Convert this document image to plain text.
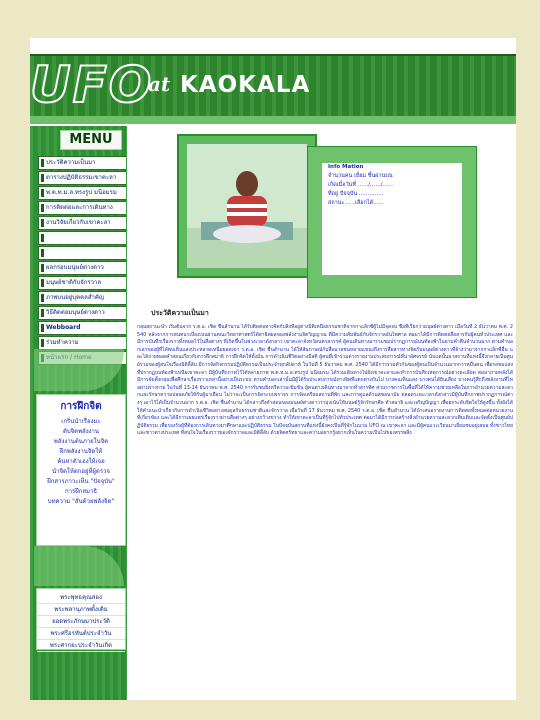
UFO
at KAOKALA
MENU
ประวัติความเป็นมา
ตารางปฏิบัติธรรมเขาคะลา
พ.ต.ท.ม.ล.ทรงรูป มนีอมรม
การติดต่อและการเดินทาง
งานวิจัยเกี่ยวกับเขาคะลา
ผลกรอบมนุษย์ต่างดาว
มนุษย์ชาติกับจักรวาล
ภาพบนอยู่บุคคลสำคัญ
วิธีติดต่อมนุษย์ต่างดาว
Webboard
ร่วมทำความ
การฝึกจิต
เกริ่นนำเรื่องมะ
ดับจิตพลังงาน
พลังงานต้นภายในจิต
ฝึกพลังงานจิตให้
ค้นหาตัวเองให้เจอ
นำจิตให้ตกอยู่ที่ผู้ตรวจ
ฝึกสารภาวะเห็น "ปัจจุบัน"
การฝึกสมาธิ
บทความ "สั่นด้วยพลังจิต"
พระพุทธคุณสอง
พระพลานุภาพดั้งเดิม
ยอดพระภักษมาประวัติ
พระศรีอรหันต์ประจำวัน
พระศากยะประจำวันเกิด
Info Mation
จำนวนคน เยี่ยม ชิ้นผ่านบน
เกิดเมื่อวันที่ ....../....../......
ที่อยู่ ปัจจุบัน ..............
สถานะ......เลือกได้......
ประวัติความเป็นมา

กลุ่มสถานะนำ เริ่มต้นจาก ร.ต.อ. เชิด ชื่นสำนาน ได้รับติดต่อทางจิตกับสิ่งที่อยู่ต่างมิติเหนือธรรมชาติจากกาแล็กซี่ผู้ไม่มีจุดจบ ชื่อที่เรียกว่ามนุษย์ต่างดาว เมื่อวันที่ 2 ธันวาคม พ.ศ. 2540 หลังจากการสนทนาเบี่ยงเบนผ่านคณะวิทยาศาสตร์ได้สาธิตผลของพลังงานจิตวิญญาณ ที่มีความสัมพันธ์กับจักรวาลอันไพศาล ต่อมาได้มีการติดต่อสื่อสารกับผู้คนทั่วประเทศ และมีการบันทึกเรื่องราวทั้งหมดไว้ในสื่อต่างๆ ที่เกิดขึ้นในช่วงเวลาดังกล่าว เขาคะลาจังหวัดนครสวรรค์ ผู้คนเดินทางมาร่วมชมปรากฏการณ์บนท้องฟ้าในยามค่ำคืนจำนวนมาก ตามคำบอกเล่าของผู้ที่ได้พบเห็นแสงประหลาดเหนือยอดเขา ร.ต.อ. เชิด ชื่นสำนาน ได้ให้สัมภาษณ์กับสื่อมวลชนหลายแขนงถึงการสื่อสารทางจิตกับมนุษย์ต่างดาวที่อ้างว่ามาจากกาแล็กซี่อื่น และได้ถ่ายทอดคำสอนเกี่ยวกับการฝึกสมาธิ การฝึกจิตให้ตั้งมั่น การดำเนินชีวิตอย่างมีสติ ผู้คนที่เข้าร่วมต่างรายงานประสบการณ์ที่น่าอัศจรรย์ นับแต่นั้นมาสถานที่แห่งนี้จึงกลายเป็นศูนย์รวมของผู้สนใจเรื่องมิติลี้ลับ มีการจัดกิจกรรมปฏิบัติธรรมเป็นประจำทุกสัปดาห์ ในวันที่ 5 ธันวาคม พ.ศ. 2540 ได้มีการรวมตัวกันของผู้คนเป็นจำนวนมากกว่าหมื่นคน เพื่อรอชมแสงที่ปรากฏบนท้องฟ้าเหนือเขาคะลา มีผู้บันทึกภาพไว้ได้หลายภาพ พ.ต.ท.ม.ล.ทรงรูป มนีอมรม ได้ร่วมเดินทางไปยังเขาคะลาและทำการบันทึกเหตุการณ์อย่างละเอียด ต่อมาภายหลังได้มีการจัดตั้งกลุ่มเพื่อศึกษาเรื่องราวเหล่านี้อย่างเป็นระบบ ตามคำบอกเล่านั้นมีผู้ได้รับประสบการณ์ทางจิตที่แตกต่างกันไป บางคนเห็นแสง บางคนได้ยินเสียง บางคนรู้สึกถึงพลังงานที่ไหลผ่านร่างกาย ในวันที่ 13-14 ธันวาคม พ.ศ. 2540 การรับชมยิ่งทวีความเข้มข้น ผู้คนต่างเดินทางมาจากทั่วสารทิศ ส่วนราชการในพื้นที่ได้ให้ความช่วยเหลือในการอำนวยความสะดวกและรักษาความปลอดภัยให้กับผู้มาเยือน ไม่ว่าจะเป็นการจัดระบบจราจร การจัดเตรียมสถานที่พัก และการดูแลด้านสุขอนามัย ตลอดระยะเวลาดังกล่าวมีผู้บันทึกภาพปรากฏการณ์ต่างๆ เอาไว้ได้เป็นจำนวนมาก ร.ต.อ. เชิด ชื่นสำนาน ได้กล่าวถึงคำสอนของมนุษย์ต่างดาวว่ามุ่งเน้นให้มนุษย์รู้จักรักษาศีล ทำสมาธิ และเจริญปัญญา เพื่อยกระดับจิตใจให้สูงขึ้น ทั้งยังได้ให้คำแนะนำเกี่ยวกับการดำเนินชีวิตอย่างสมดุลกับธรรมชาติและจักรวาล เมื่อวันที่ 17 ธันวาคม พ.ศ. 2540 ร.ต.อ. เชิด ชื่นสำนาน ได้นำเสนอรายงานการติดต่อทั้งหมดต่อหน่วยงานที่เกี่ยวข้อง และได้มีการเผยแพร่เรื่องราวผ่านสื่อต่างๆ อย่างกว้างขวาง ทำให้เขาคะลาเป็นที่รู้จักไปทั่วประเทศ ต่อมาได้มีการก่อสร้างสิ่งอำนวยความสะดวกเพิ่มเติมและจัดตั้งเป็นศูนย์ปฏิบัติธรรม เพื่อรองรับผู้ที่ต้องการเดินทางมาศึกษาและปฏิบัติธรรม ในปัจจุบันสถานที่แห่งนี้ยังคงเป็นที่รู้จักในนาม UFO ณ เขาคะลา และมีผู้คนแวะเวียนมาเยี่ยมชมอยู่เสมอ ทั้งชาวไทยและชาวต่างประเทศ ที่สนใจในเรื่องราวของจักรวาลและมิติลี้ลับ ด้วยจิตศรัทธาและความอยากรู้อยากเห็นในความเป็นไปของสรรพสิ่ง
